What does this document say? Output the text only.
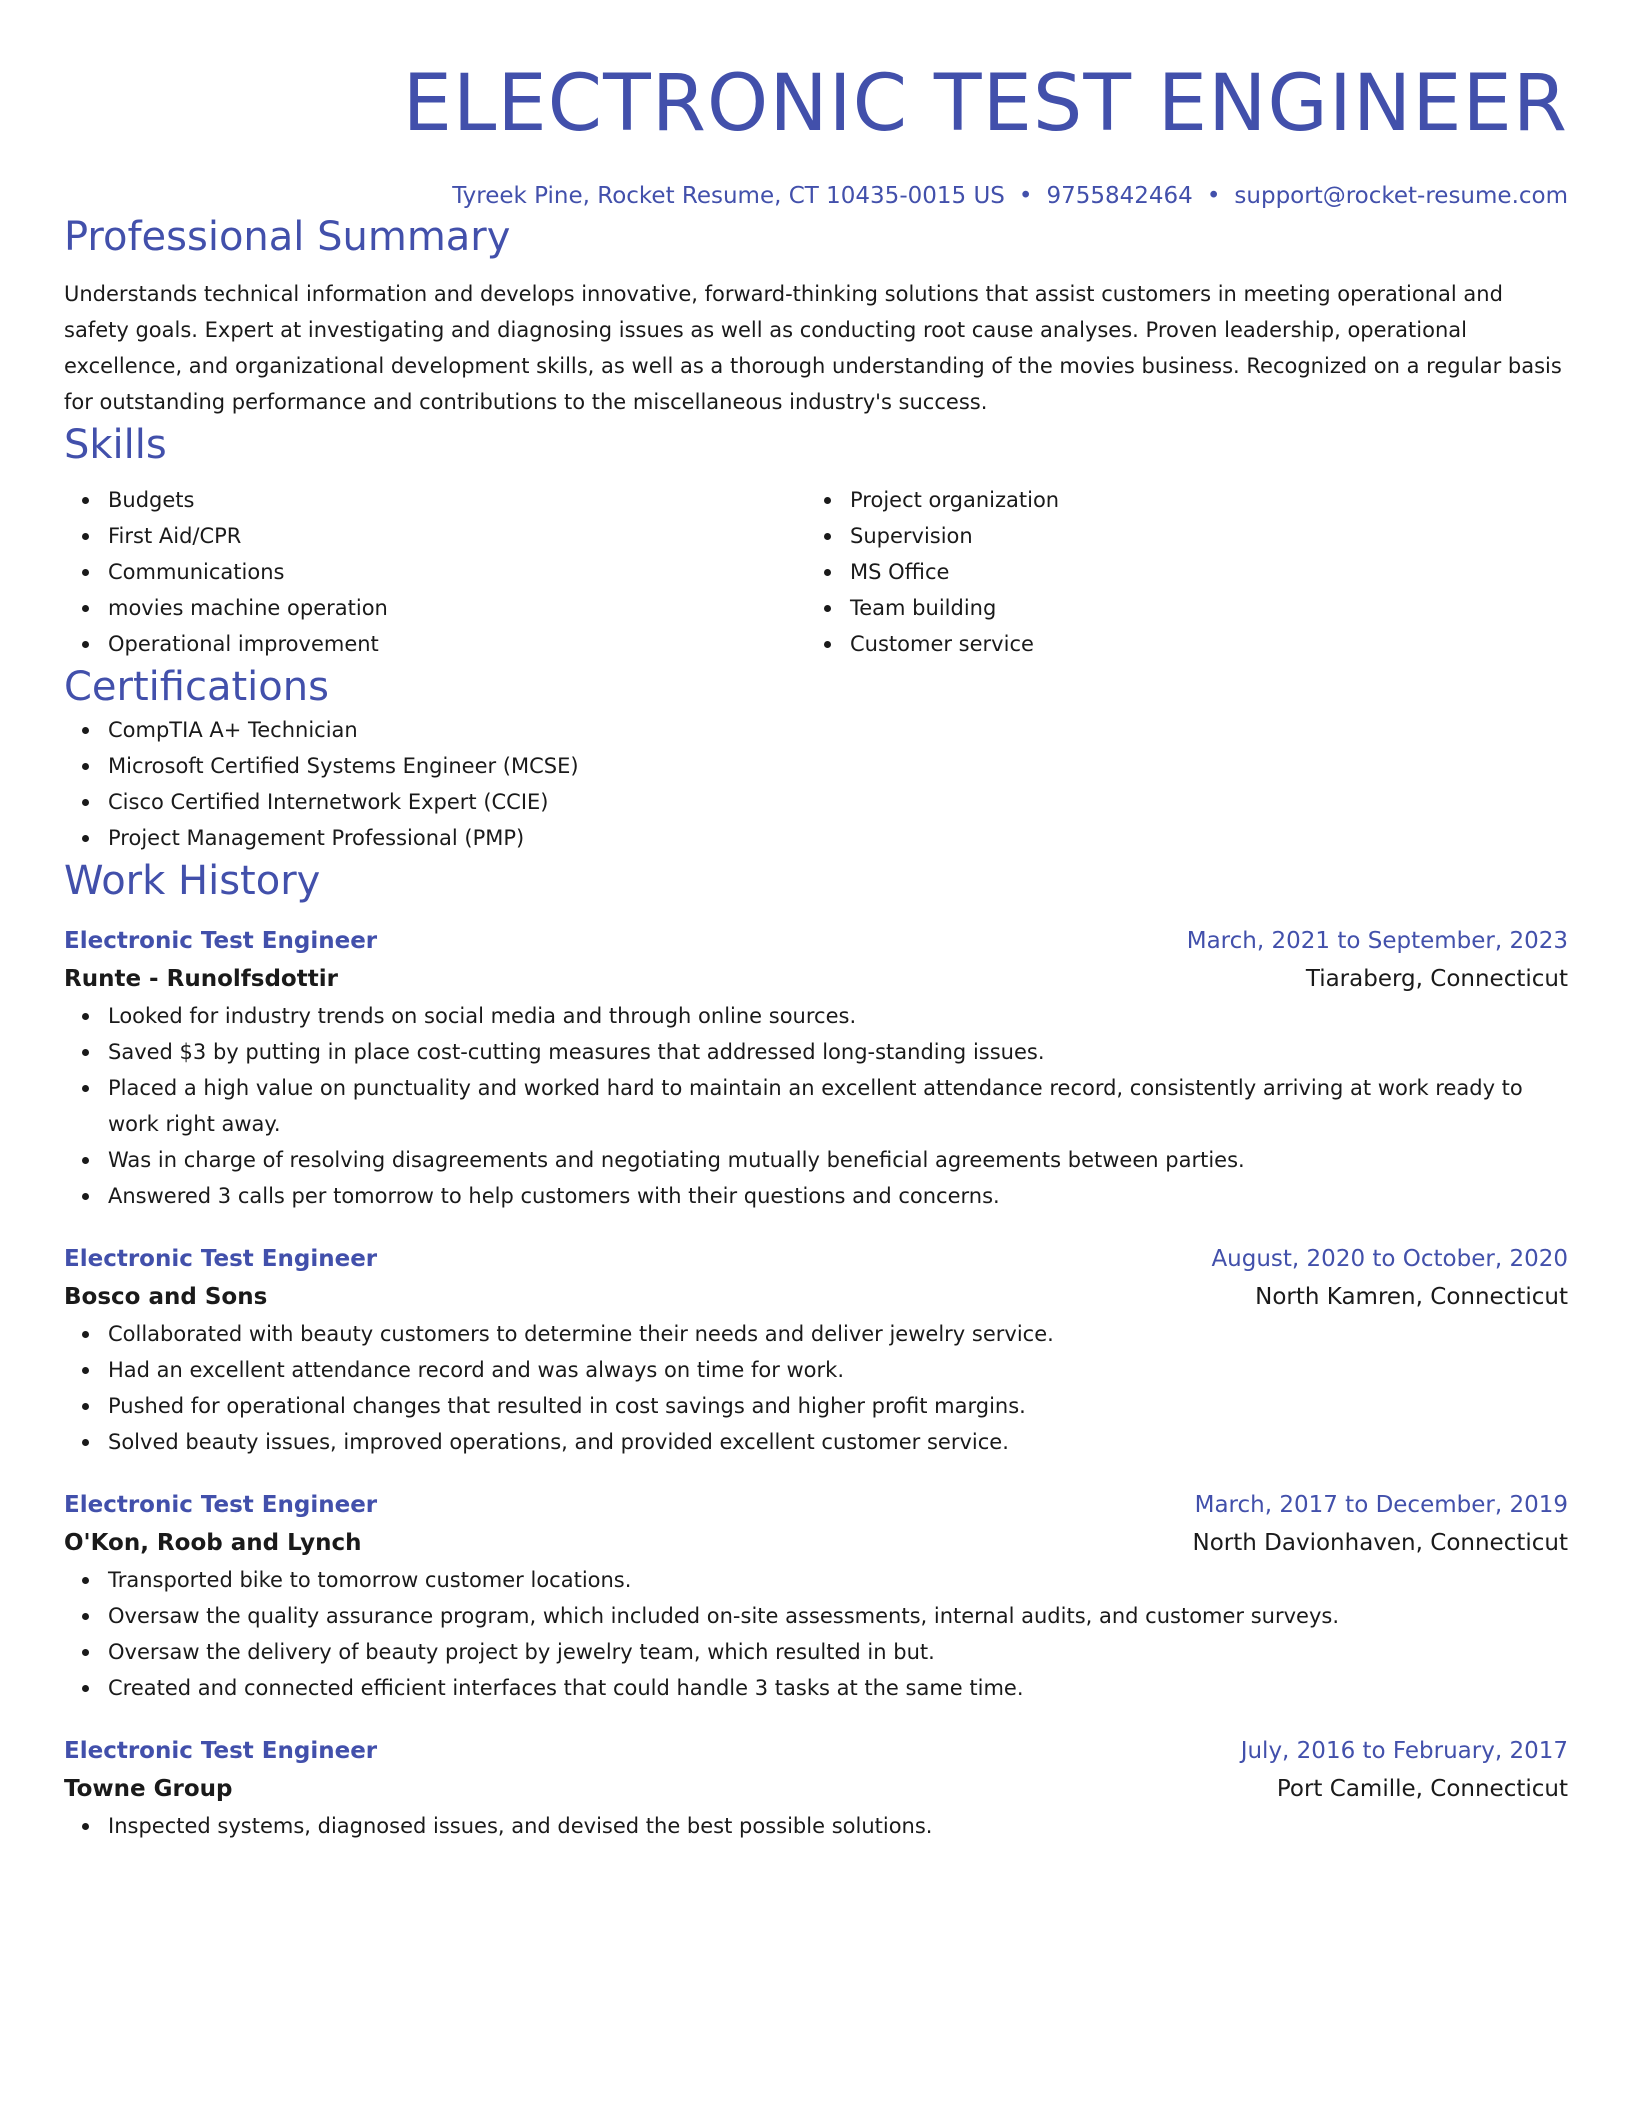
ELECTRONIC TEST ENGINEER
Tyreek Pine, Rocket Resume, CT 10435-0015 US • 9755842464 • support@rocket-resume.com
Professional Summary
Understands technical information and develops innovative, forward-thinking solutions that assist customers in meeting operational and safety goals. Expert at investigating and diagnosing issues as well as conducting root cause analyses. Proven leadership, operational excellence, and organizational development skills, as well as a thorough understanding of the movies business. Recognized on a regular basis for outstanding performance and contributions to the miscellaneous industry's success.
Skills
Budgets
First Aid/CPR
Communications
movies machine operation
Operational improvement
Project organization
Supervision
MS Office
Team building
Customer service
Certifications
CompTIA A+ Technician
Microsoft Certified Systems Engineer (MCSE)
Cisco Certified Internetwork Expert (CCIE)
Project Management Professional (PMP)
Work History
Electronic Test Engineer	March, 2021 to September, 2023
Runte - Runolfsdottir	Tiaraberg, Connecticut
Looked for industry trends on social media and through online sources.
Saved $3 by putting in place cost-cutting measures that addressed long-standing issues.
Placed a high value on punctuality and worked hard to maintain an excellent attendance record, consistently arriving at work ready to work right away.
Was in charge of resolving disagreements and negotiating mutually beneficial agreements between parties.
Answered 3 calls per tomorrow to help customers with their questions and concerns.
Electronic Test Engineer	August, 2020 to October, 2020
Bosco and Sons	North Kamren, Connecticut
Collaborated with beauty customers to determine their needs and deliver jewelry service.
Had an excellent attendance record and was always on time for work.
Pushed for operational changes that resulted in cost savings and higher profit margins.
Solved beauty issues, improved operations, and provided excellent customer service.
Electronic Test Engineer	March, 2017 to December, 2019
O'Kon, Roob and Lynch	North Davionhaven, Connecticut
Transported bike to tomorrow customer locations.
Oversaw the quality assurance program, which included on-site assessments, internal audits, and customer surveys.
Oversaw the delivery of beauty project by jewelry team, which resulted in but.
Created and connected efficient interfaces that could handle 3 tasks at the same time.
Electronic Test Engineer	July, 2016 to February, 2017
Towne Group	Port Camille, Connecticut
Inspected systems, diagnosed issues, and devised the best possible solutions.
